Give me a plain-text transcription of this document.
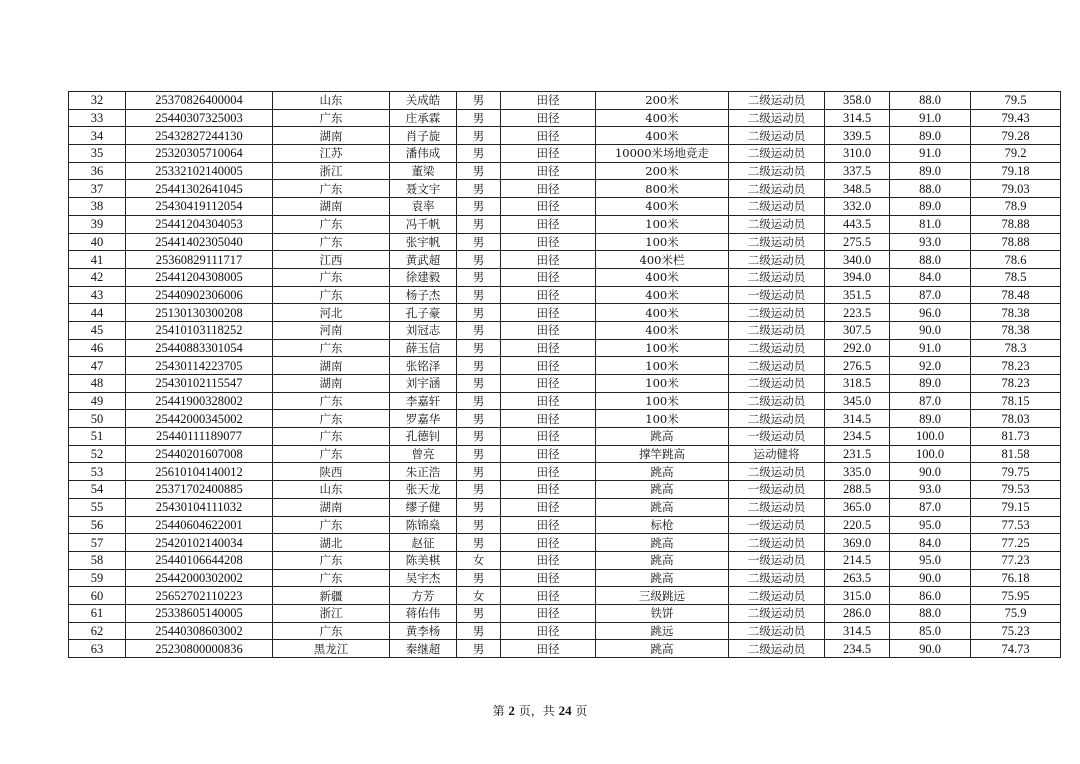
32	25370826400004	山东	关成皓	男	田径	200米	二级运动员	358.0	88.0	79.5
33	25440307325003	广东	庄承霖	男	田径	400米	二级运动员	314.5	91.0	79.43
34	25432827244130	湖南	肖子旋	男	田径	400米	二级运动员	339.5	89.0	79.28
35	25320305710064	江苏	潘伟成	男	田径	10000米场地竞走	二级运动员	310.0	91.0	79.2
36	25332102140005	浙江	董梁	男	田径	200米	二级运动员	337.5	89.0	79.18
37	25441302641045	广东	聂文宇	男	田径	800米	二级运动员	348.5	88.0	79.03
38	25430419112054	湖南	袁率	男	田径	400米	二级运动员	332.0	89.0	78.9
39	25441204304053	广东	冯千帆	男	田径	100米	二级运动员	443.5	81.0	78.88
40	25441402305040	广东	张宇帆	男	田径	100米	二级运动员	275.5	93.0	78.88
41	25360829111717	江西	黄武超	男	田径	400米栏	二级运动员	340.0	88.0	78.6
42	25441204308005	广东	徐建毅	男	田径	400米	二级运动员	394.0	84.0	78.5
43	25440902306006	广东	杨子杰	男	田径	400米	一级运动员	351.5	87.0	78.48
44	25130130300208	河北	孔子豪	男	田径	400米	二级运动员	223.5	96.0	78.38
45	25410103118252	河南	刘冠志	男	田径	400米	二级运动员	307.5	90.0	78.38
46	25440883301054	广东	薛玉信	男	田径	100米	二级运动员	292.0	91.0	78.3
47	25430114223705	湖南	张铭泽	男	田径	100米	二级运动员	276.5	92.0	78.23
48	25430102115547	湖南	刘宇涵	男	田径	100米	二级运动员	318.5	89.0	78.23
49	25441900328002	广东	李嘉轩	男	田径	100米	二级运动员	345.0	87.0	78.15
50	25442000345002	广东	罗嘉华	男	田径	100米	二级运动员	314.5	89.0	78.03
51	25440111189077	广东	孔德钊	男	田径	跳高	一级运动员	234.5	100.0	81.73
52	25440201607008	广东	曾亮	男	田径	撑竿跳高	运动健将	231.5	100.0	81.58
53	25610104140012	陕西	朱正浩	男	田径	跳高	二级运动员	335.0	90.0	79.75
54	25371702400885	山东	张天龙	男	田径	跳高	一级运动员	288.5	93.0	79.53
55	25430104111032	湖南	缪子健	男	田径	跳高	二级运动员	365.0	87.0	79.15
56	25440604622001	广东	陈锦燊	男	田径	标枪	一级运动员	220.5	95.0	77.53
57	25420102140034	湖北	赵征	男	田径	跳高	二级运动员	369.0	84.0	77.25
58	25440106644208	广东	陈美棋	女	田径	跳高	一级运动员	214.5	95.0	77.23
59	25442000302002	广东	吴宇杰	男	田径	跳高	二级运动员	263.5	90.0	76.18
60	25652702110223	新疆	方芳	女	田径	三级跳远	二级运动员	315.0	86.0	75.95
61	25338605140005	浙江	蒋佑伟	男	田径	铁饼	二级运动员	286.0	88.0	75.9
62	25440308603002	广东	黄李杨	男	田径	跳远	二级运动员	314.5	85.0	75.23
63	25230800000836	黑龙江	秦继超	男	田径	跳高	二级运动员	234.5	90.0	74.73
第 2 页，共 24 页
